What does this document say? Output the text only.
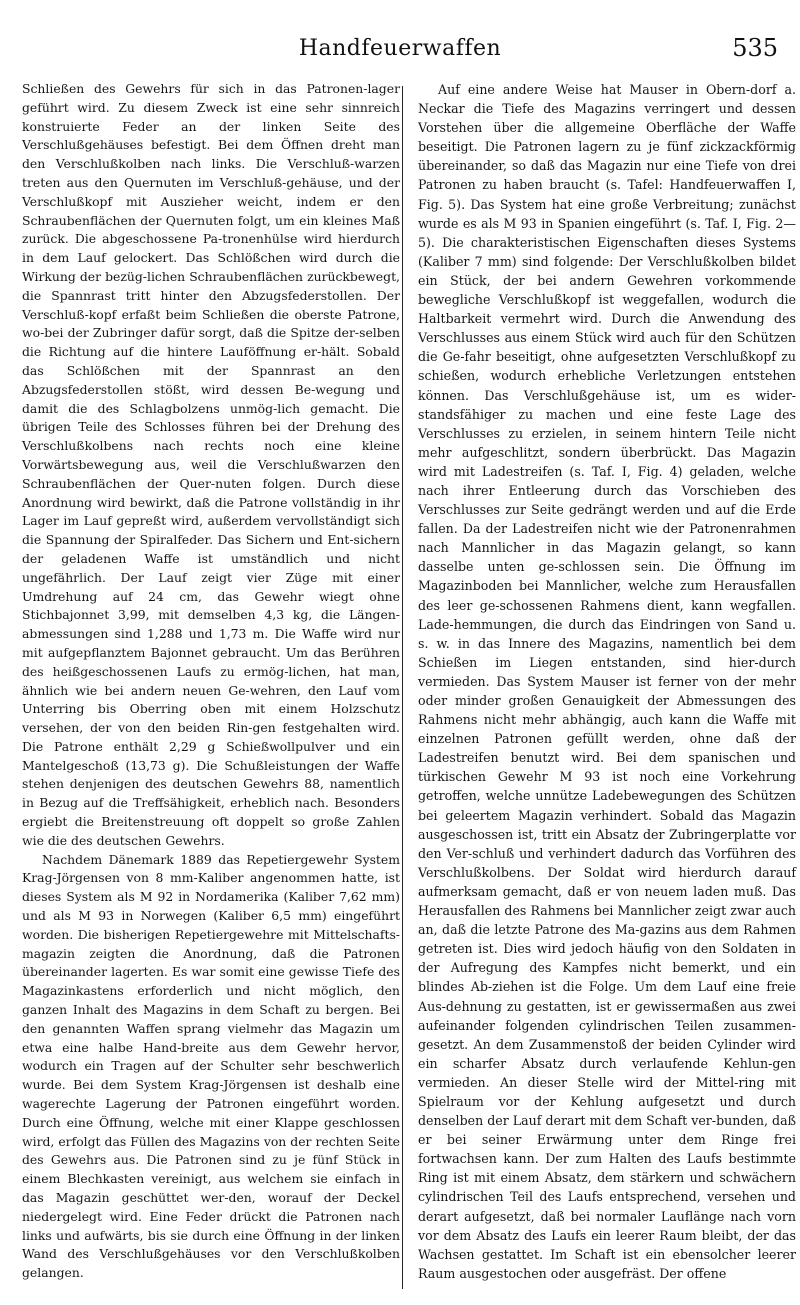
Handfeuerwaffen	535

Schließen des Gewehrs für sich in das Patronen-lager geführt wird. Zu diesem Zweck ist eine sehr sinnreich konstruierte Feder an der linken Seite des Verschlußgehäuses befestigt. Bei dem Öffnen dreht man den Verschlußkolben nach links. Die Verschluß-warzen treten aus den Quernuten im Verschluß-gehäuse, und der Verschlußkopf mit Auszieher weicht, indem er den Schraubenflächen der Quernuten folgt, um ein kleines Maß zurück. Die abgeschossene Pa-tronenhülse wird hierdurch in dem Lauf gelockert. Das Schlößchen wird durch die Wirkung der bezüg-lichen Schraubenflächen zurückbewegt, die Spannrast tritt hinter den Abzugsfederstollen. Der Verschluß-kopf erfaßt beim Schließen die oberste Patrone, wo-bei der Zubringer dafür sorgt, daß die Spitze der-selben die Richtung auf die hintere Lauföffnung er-hält. Sobald das Schlößchen mit der Spannrast an den Abzugsfederstollen stößt, wird dessen Be-wegung und damit die des Schlagbolzens unmög-lich gemacht. Die übrigen Teile des Schlosses führen bei der Drehung des Verschlußkolbens nach rechts noch eine kleine Vorwärtsbewegung aus, weil die Verschlußwarzen den Schraubenflächen der Quer-nuten folgen. Durch diese Anordnung wird bewirkt, daß die Patrone vollständig in ihr Lager im Lauf gepreßt wird, außerdem vervollständigt sich die Spannung der Spiralfeder. Das Sichern und Ent-sichern der geladenen Waffe ist umständlich und nicht ungefährlich. Der Lauf zeigt vier Züge mit einer Umdrehung auf 24 cm, das Gewehr wiegt ohne Stichbajonnet 3,99, mit demselben 4,3 kg, die Längen-abmessungen sind 1,288 und 1,73 m. Die Waffe wird nur mit aufgepflanztem Bajonnet gebraucht. Um das Berühren des heißgeschossenen Laufs zu ermög-lichen, hat man, ähnlich wie bei andern neuen Ge-wehren, den Lauf vom Unterring bis Oberring oben mit einem Holzschutz versehen, der von den beiden Rin-gen festgehalten wird. Die Patrone enthält 2,29 g Schießwollpulver und ein Mantelgeschoß (13,73 g). Die Schußleistungen der Waffe stehen denjenigen des deutschen Gewehrs 88, namentlich in Bezug auf die Treffsähigkeit, erheblich nach. Besonders ergiebt die Breitenstreuung oft doppelt so große Zahlen wie die des deutschen Gewehrs.

Nachdem Dänemark 1889 das Repetiergewehr System Krag-Jörgensen von 8 mm-Kaliber angenommen hatte, ist dieses System als M 92 in Nordamerika (Kaliber 7,62 mm) und als M 93 in Norwegen (Kaliber 6,5 mm) eingeführt worden. Die bisherigen Repetiergewehre mit Mittelschafts-magazin zeigten die Anordnung, daß die Patronen übereinander lagerten. Es war somit eine gewisse Tiefe des Magazinkastens erforderlich und nicht möglich, den ganzen Inhalt des Magazins in dem Schaft zu bergen. Bei den genannten Waffen sprang vielmehr das Magazin um etwa eine halbe Hand-breite aus dem Gewehr hervor, wodurch ein Tragen auf der Schulter sehr beschwerlich wurde. Bei dem System Krag-Jörgensen ist deshalb eine wagerechte Lagerung der Patronen eingeführt worden. Durch eine Öffnung, welche mit einer Klappe geschlossen wird, erfolgt das Füllen des Magazins von der rechten Seite des Gewehrs aus. Die Patronen sind zu je fünf Stück in einem Blechkasten vereinigt, aus welchem sie einfach in das Magazin geschüttet wer-den, worauf der Deckel niedergelegt wird. Eine Feder drückt die Patronen nach links und aufwärts, bis sie durch eine Öffnung in der linken Wand des Verschlußgehäuses vor den Verschlußkolben gelangen.

Auf eine andere Weise hat Mauser in Obern-dorf a. Neckar die Tiefe des Magazins verringert und dessen Vorstehen über die allgemeine Oberfläche der Waffe beseitigt. Die Patronen lagern zu je fünf zickzackförmig übereinander, so daß das Magazin nur eine Tiefe von drei Patronen zu haben braucht (s. Tafel: Handfeuerwaffen I, Fig. 5). Das System hat eine große Verbreitung; zunächst wurde es als M 93 in Spanien eingeführt (s. Taf. I, Fig. 2—5). Die charakteristischen Eigenschaften dieses Systems (Kaliber 7 mm) sind folgende: Der Verschlußkolben bildet ein Stück, der bei andern Gewehren vorkommende bewegliche Verschlußkopf ist weggefallen, wodurch die Haltbarkeit vermehrt wird. Durch die Anwendung des Verschlusses aus einem Stück wird auch für den Schützen die Ge-fahr beseitigt, ohne aufgesetzten Verschlußkopf zu schießen, wodurch erhebliche Verletzungen entstehen können. Das Verschlußgehäuse ist, um es wider-standsfähiger zu machen und eine feste Lage des Verschlusses zu erzielen, in seinem hintern Teile nicht mehr aufgeschlitzt, sondern überbrückt. Das Magazin wird mit Ladestreifen (s. Taf. I, Fig. 4) geladen, welche nach ihrer Entleerung durch das Vorschieben des Verschlusses zur Seite gedrängt werden und auf die Erde fallen. Da der Ladestreifen nicht wie der Patronenrahmen nach Mannlicher in das Magazin gelangt, so kann dasselbe unten ge-schlossen sein. Die Öffnung im Magazinboden bei Mannlicher, welche zum Herausfallen des leer ge-schossenen Rahmens dient, kann wegfallen. Lade-hemmungen, die durch das Eindringen von Sand u. s. w. in das Innere des Magazins, namentlich bei dem Schießen im Liegen entstanden, sind hier-durch vermieden. Das System Mauser ist ferner von der mehr oder minder großen Genauigkeit der Abmessungen des Rahmens nicht mehr abhängig, auch kann die Waffe mit einzelnen Patronen gefüllt werden, ohne daß der Ladestreifen benutzt wird. Bei dem spanischen und türkischen Gewehr M 93 ist noch eine Vorkehrung getroffen, welche unnütze Ladebewegungen des Schützen bei geleertem Magazin verhindert. Sobald das Magazin ausgeschossen ist, tritt ein Absatz der Zubringerplatte vor den Ver-schluß und verhindert dadurch das Vorführen des Verschlußkolbens. Der Soldat wird hierdurch darauf aufmerksam gemacht, daß er von neuem laden muß. Das Herausfallen des Rahmens bei Mannlicher zeigt zwar auch an, daß die letzte Patrone des Ma-gazins aus dem Rahmen getreten ist. Dies wird jedoch häufig von den Soldaten in der Aufregung des Kampfes nicht bemerkt, und ein blindes Ab-ziehen ist die Folge. Um dem Lauf eine freie Aus-dehnung zu gestatten, ist er gewissermaßen aus zwei aufeinander folgenden cylindrischen Teilen zusammen-gesetzt. An dem Zusammenstoß der beiden Cylinder wird ein scharfer Absatz durch verlaufende Kehlun-gen vermieden. An dieser Stelle wird der Mittel-ring mit Spielraum vor der Kehlung aufgesetzt und durch denselben der Lauf derart mit dem Schaft ver-bunden, daß er bei seiner Erwärmung unter dem Ringe frei fortwachsen kann. Der zum Halten des Laufs bestimmte Ring ist mit einem Absatz, dem stärkern und schwächern cylindrischen Teil des Laufs entsprechend, versehen und derart aufgesetzt, daß bei normaler Lauflänge nach vorn vor dem Absatz des Laufs ein leerer Raum bleibt, der das Wachsen gestattet. Im Schaft ist ein ebensolcher leerer Raum ausgestochen oder ausgefräst. Der offene
